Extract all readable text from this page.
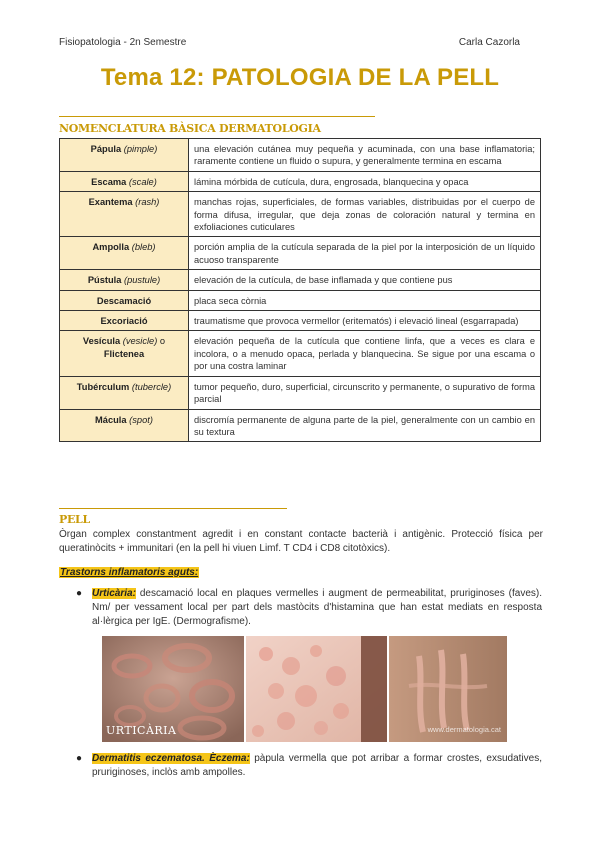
Fisiopatologia - 2n Semestre	Carla Cazorla
Tema 12: PATOLOGIA DE LA PELL
NOMENCLATURA BÀSICA DERMATOLOGIA
Pápula (pimple)	una elevación cutánea muy pequeña y acuminada, con una base inflamatoria; raramente contiene un fluido o supura, y generalmente termina en escama
Escama (scale)	lámina mórbida de cutícula, dura, engrosada, blanquecina y opaca
Exantema (rash)	manchas rojas, superficiales, de formas variables, distribuidas por el cuerpo de forma difusa, irregular, que deja zonas de coloración natural y termina en exfoliaciones cuticulares
Ampolla (bleb)	porción amplia de la cutícula separada de la piel por la interposición de un líquido acuoso transparente
Pústula (pustule)	elevación de la cutícula, de base inflamada y que contiene pus
Descamació	placa seca còrnia
Excoriació	traumatisme que provoca vermellor (eritematós) i elevació lineal (esgarrapada)
Vesícula (vesicle) o
Flictenea	elevación pequeña de la cutícula que contiene linfa, que a veces es clara e incolora, o a menudo opaca, perlada y blanquecina. Se sigue por una escama o por una costra laminar
Tubérculum (tubercle)	tumor pequeño, duro, superficial, circunscrito y permanente, o supurativo de forma parcial
Mácula (spot)	discromía permanente de alguna parte de la piel, generalmente con un cambio en su textura
PELL
Òrgan complex constantment agredit i en constant contacte bacterià i antigènic. Protecció física per queratinòcits + immunitari (en la pell hi viuen Limf. T CD4 i CD8 citotòxics).
Trastorns inflamatoris aguts:
● Urticària: descamació local en plaques vermelles i augment de permeabilitat, pruriginoses (faves). Nm/ per vessament local per part dels mastòcits d'histamina que han estat mediats en resposta al·lèrgica per IgE. (Dermografisme).
URTICÀRIA	www.dermatologia.cat
● Dermatitis eczematosa. Èczema: pàpula vermella que pot arribar a formar crostes, exsudatives, pruriginoses, inclòs amb ampolles.
